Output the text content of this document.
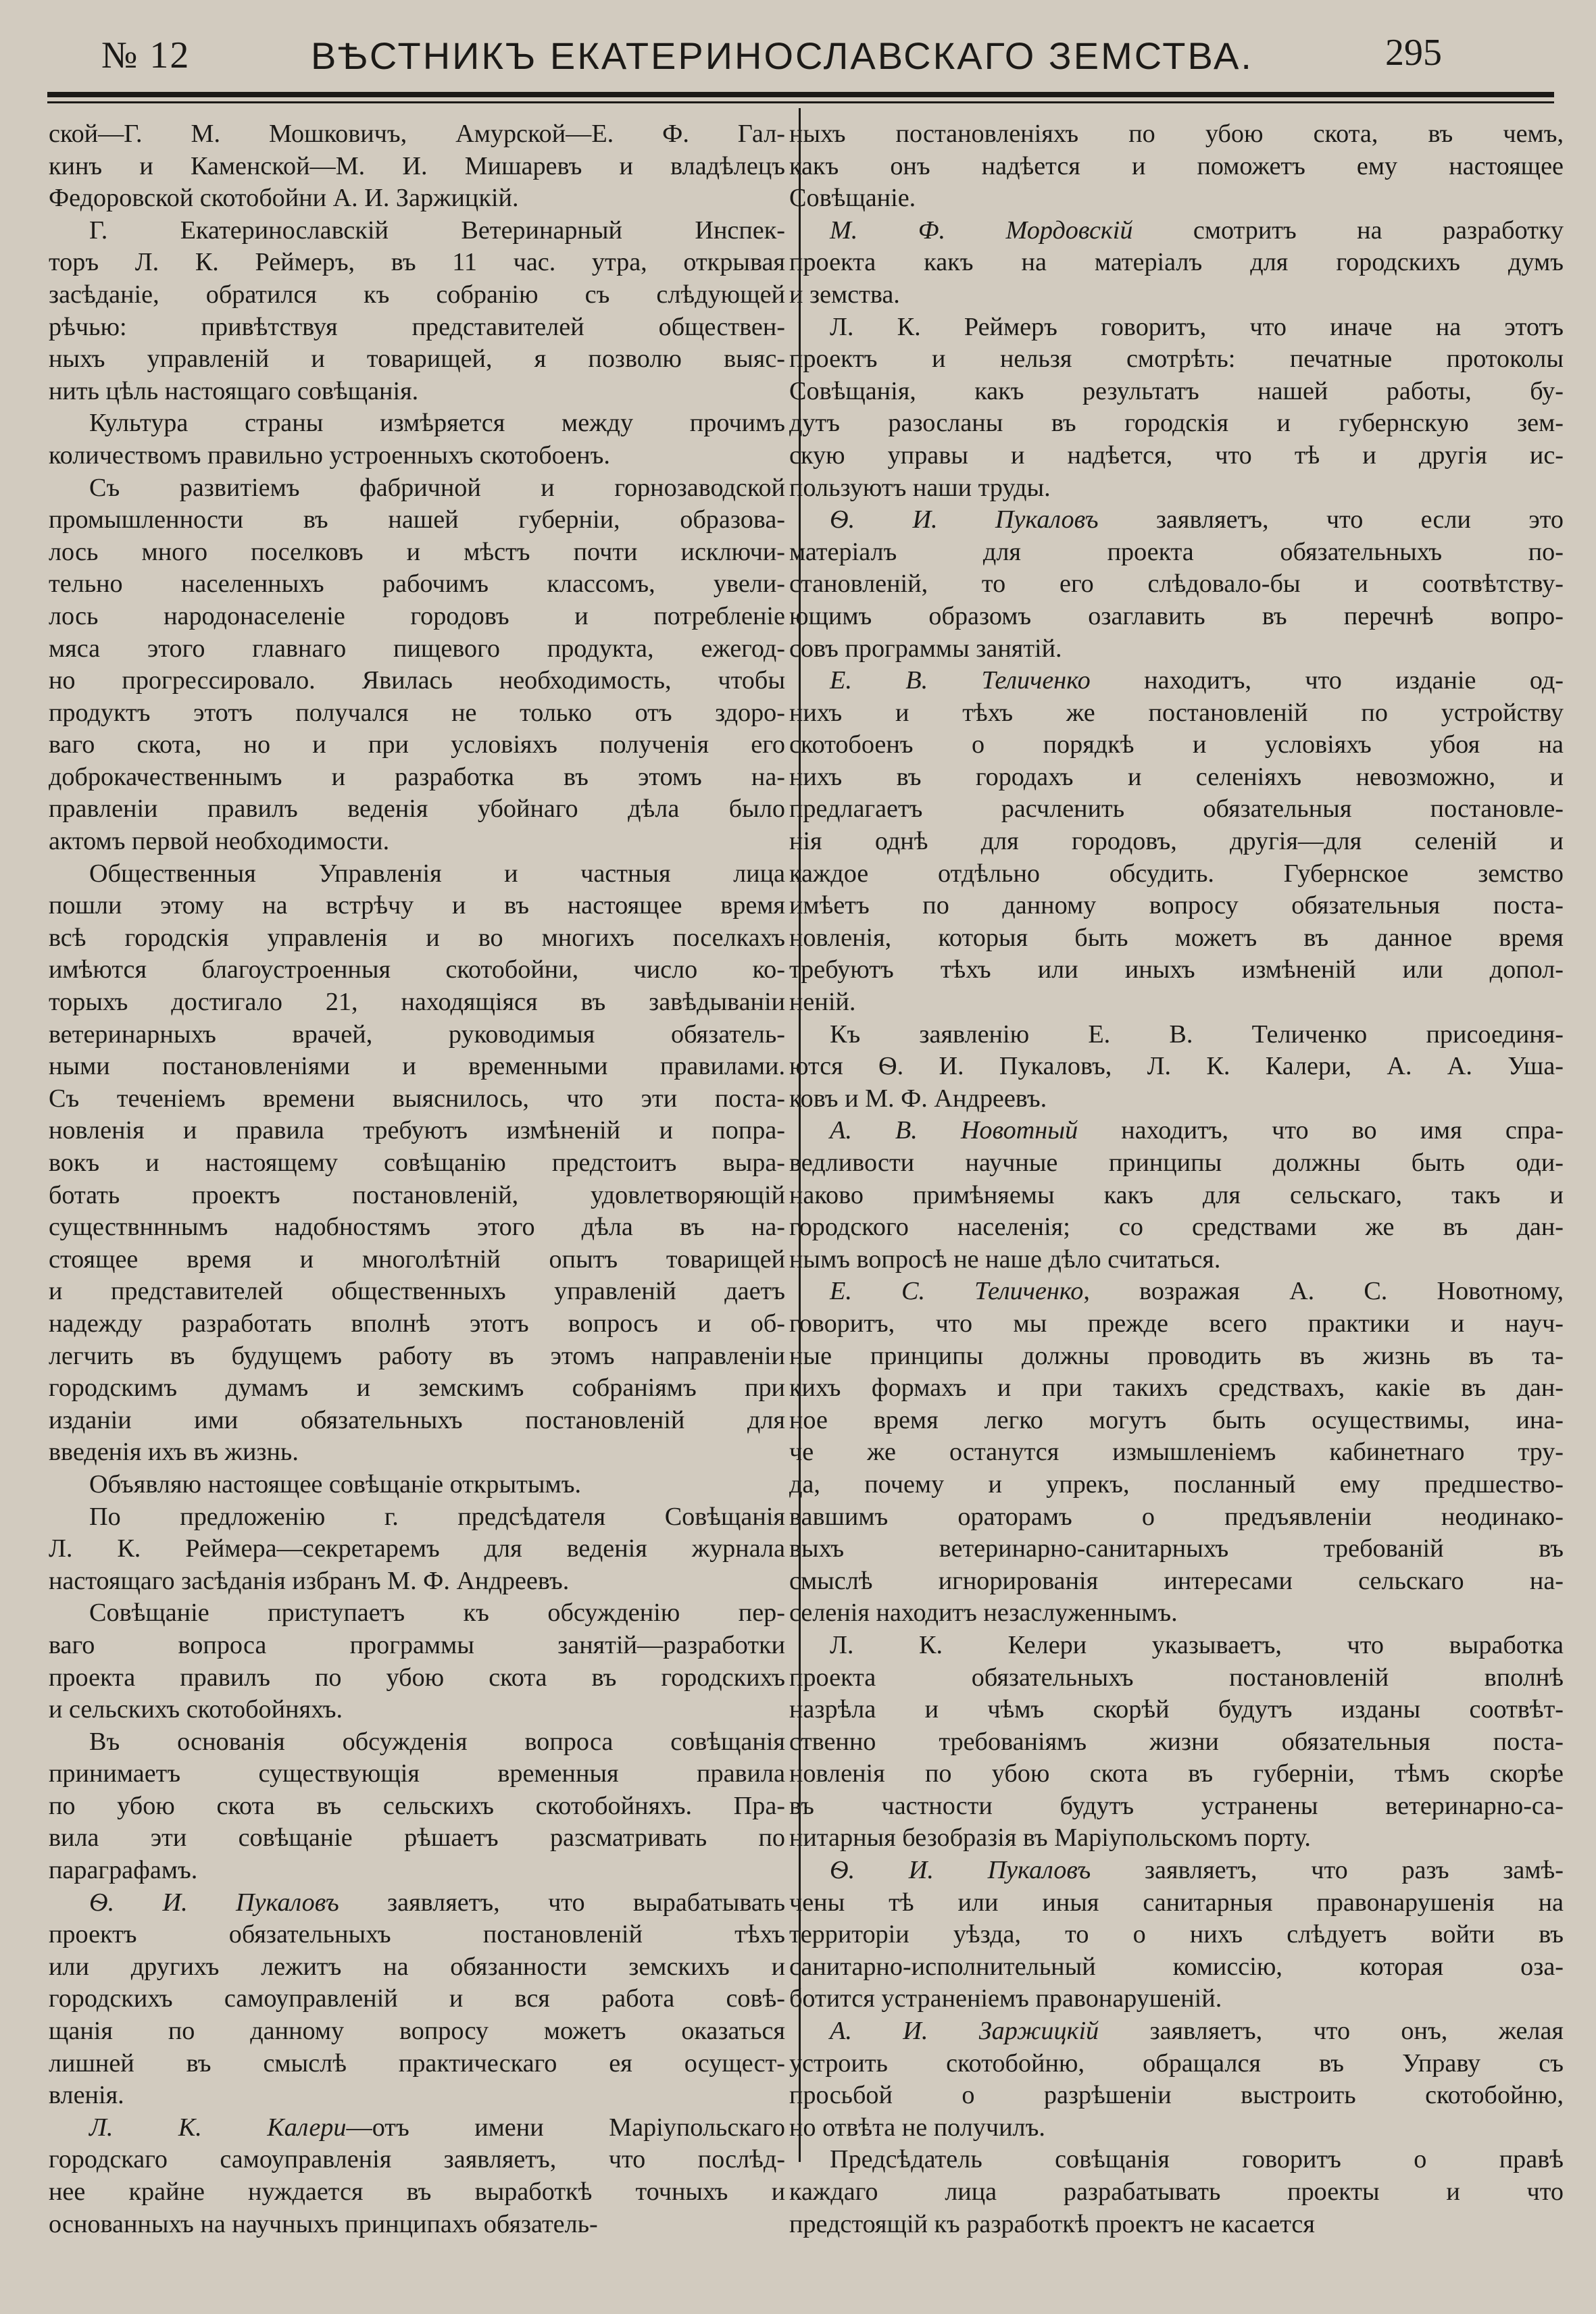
№ 12	ВѢСТНИКЪ ЕКАТЕРИНОСЛАВСКАГО ЗЕМСТВА.	295
ской—Г. М. Мошковичъ, Амурской—Е. Ф. Гал-
кинъ и Каменской—М. И. Мишаревъ и владѣлецъ
Федоровской скотобойни А. И. Заржицкій.
Г. Екатеринославскій Ветеринарный Инспек-
торъ Л. К. Реймеръ, въ 11 час. утра, открывая
засѣданіе, обратился къ собранію съ слѣдующей
рѣчью: привѣтствуя представителей обществен-
ныхъ управленій и товарищей, я позволю выяс-
нить цѣль настоящаго совѣщанія.
Культура страны измѣряется между прочимъ
количествомъ правильно устроенныхъ скотобоенъ.
Съ развитіемъ фабричной и горнозаводской
промышленности въ нашей губерніи, образова-
лось много поселковъ и мѣстъ почти исключи-
тельно населенныхъ рабочимъ классомъ, увели-
лось народонаселеніе городовъ и потребленіе
мяса этого главнаго пищевого продукта, ежегод-
но прогрессировало. Явилась необходимость, чтобы
продуктъ этотъ получался не только отъ здоро-
ваго скота, но и при условіяхъ полученія его
доброкачественнымъ и разработка въ этомъ на-
правленіи правилъ веденія убойнаго дѣла было
актомъ первой необходимости.
Общественныя Управленія и частныя лица
пошли этому на встрѣчу и въ настоящее время
всѣ городскія управленія и во многихъ поселкахъ
имѣются благоустроенныя скотобойни, число ко-
торыхъ достигало 21, находящіяся въ завѣдываніи
ветеринарныхъ врачей, руководимыя обязатель-
ными постановленіями и временными правилами.
Съ теченіемъ времени выяснилось, что эти поста-
новленія и правила требуютъ измѣненій и попра-
вокъ и настоящему совѣщанію предстоитъ выра-
ботать проектъ постановленій, удовлетворяющій
существнннымъ надобностямъ этого дѣла въ на-
стоящее время и многолѣтній опытъ товарищей
и представителей общественныхъ управленій даетъ
надежду разработать вполнѣ этотъ вопросъ и об-
легчить въ будущемъ работу въ этомъ направленіи
городскимъ думамъ и земскимъ собраніямъ при
изданіи ими обязательныхъ постановленій для
введенія ихъ въ жизнь.
Объявляю настоящее совѣщаніе открытымъ.
По предложенію г. предсѣдателя Совѣщанія
Л. К. Реймера—секретаремъ для веденія журнала
настоящаго засѣданія избранъ М. Ф. Андреевъ.
Совѣщаніе приступаетъ къ обсужденію пер-
ваго вопроса программы занятій—разработки
проекта правилъ по убою скота въ городскихъ
и сельскихъ скотобойняхъ.
Въ основанія обсужденія вопроса совѣщанія
принимаетъ существующія временныя правила
по убою скота въ сельскихъ скотобойняхъ. Пра-
вила эти совѣщаніе рѣшаетъ разсматривать по
параграфамъ.
Ѳ. И. Пукаловъ заявляетъ, что вырабатывать
проектъ обязательныхъ постановленій тѣхъ
или другихъ лежитъ на обязанности земскихъ и
городскихъ самоуправленій и вся работа совѣ-
щанія по данному вопросу можетъ оказаться
лишней въ смыслѣ практическаго ея осущест-
вленія.
Л. К. Калери—отъ имени Маріупольскаго
городскаго самоуправленія заявляетъ, что послѣд-
нее крайне нуждается въ выработкѣ точныхъ и
основанныхъ на научныхъ принципахъ обязатель-
ныхъ постановленіяхъ по убою скота, въ чемъ,
какъ онъ надѣется и поможетъ ему настоящее
Совѣщаніе.
М. Ф. Мордовскій смотритъ на разработку
проекта какъ на матеріалъ для городскихъ думъ
и земства.
Л. К. Реймеръ говоритъ, что иначе на этотъ
проектъ и нельзя смотрѣть: печатные протоколы
Совѣщанія, какъ результатъ нашей работы, бу-
дутъ разосланы въ городскія и губернскую зем-
скую управы и надѣется, что тѣ и другія ис-
пользуютъ наши труды.
Ѳ. И. Пукаловъ заявляетъ, что если это
матеріалъ для проекта обязательныхъ по-
становленій, то его слѣдовало-бы и соотвѣтству-
ющимъ образомъ озаглавить въ перечнѣ вопро-
совъ программы занятій.
Е. В. Теличенко находитъ, что изданіе од-
нихъ и тѣхъ же постановленій по устройству
скотобоенъ о порядкѣ и условіяхъ убоя на
нихъ въ городахъ и селеніяхъ невозможно, и
предлагаетъ расчленить обязательныя постановле-
нія однѣ для городовъ, другія—для селеній и
каждое отдѣльно обсудить. Губернское земство
имѣетъ по данному вопросу обязательныя поста-
новленія, которыя быть можетъ въ данное время
требуютъ тѣхъ или иныхъ измѣненій или допол-
неній.
Къ заявленію Е. В. Теличенко присоединя-
ются Ѳ. И. Пукаловъ, Л. К. Калери, А. А. Ушa-
ковъ и М. Ф. Андреевъ.
А. В. Новотный находитъ, что во имя спра-
ведливости научные принципы должны быть оди-
наково примѣняемы какъ для сельскаго, такъ и
городского населенія; со средствами же въ дан-
нымъ вопросѣ не наше дѣло считаться.
Е. С. Теличенко, возражая А. С. Новотному,
говоритъ, что мы прежде всего практики и науч-
ные принципы должны проводить въ жизнь въ та-
кихъ формахъ и при такихъ средствахъ, какіе въ дан-
ное время легко могутъ быть осуществимы, ина-
че же останутся измышленіемъ кабинетнаго тру-
да, почему и упрекъ, посланный ему предшество-
вавшимъ ораторамъ о предъявленіи неодинако-
выхъ ветеринарно-санитарныхъ требованій въ
смыслѣ игнорированія интересами сельскаго на-
селенія находитъ незаслуженнымъ.
Л. К. Келери указываетъ, что выработка
проекта обязательныхъ постановленій вполнѣ
назрѣла и чѣмъ скорѣй будутъ изданы соотвѣт-
ственно требованіямъ жизни обязательныя поста-
новленія по убою скота въ губерніи, тѣмъ скорѣе
въ частности будутъ устранены ветеринарно-са-
нитарныя безобразія въ Маріупольскомъ порту.
Ѳ. И. Пукаловъ заявляетъ, что разъ замѣ-
чены тѣ или иныя санитарныя правонарушенія на
территоріи уѣзда, то о нихъ слѣдуетъ войти въ
санитарно-исполнительный комиссію, которая оза-
ботится устраненіемъ правонарушеній.
А. И. Заржицкій заявляетъ, что онъ, желая
устроить скотобойню, обращался въ Управу съ
просьбой о разрѣшеніи выстроить скотобойню,
но отвѣта не получилъ.
Предсѣдатель совѣщанія говоритъ о правѣ
каждаго лица разрабатывать проекты и что
предстоящій къ разработкѣ проектъ не касается
